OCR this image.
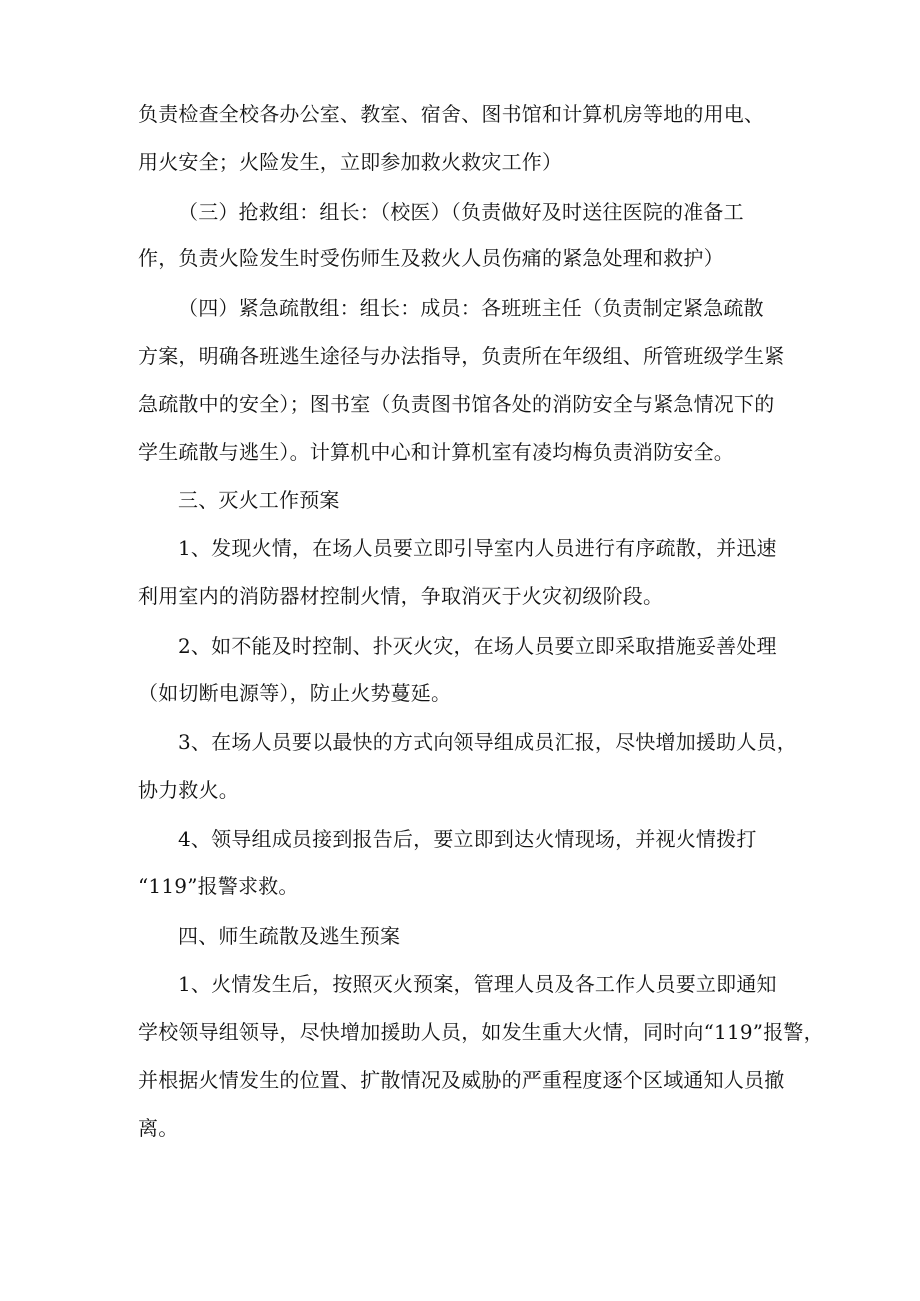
负责检查全校各办公室、教室、宿舍、图书馆和计算机房等地的用电、
用火安全；火险发生，立即参加救火救灾工作）
（三）抢救组：组长：（校医）（负责做好及时送往医院的准备工
作，负责火险发生时受伤师生及救火人员伤痛的紧急处理和救护）
（四）紧急疏散组：组长：成员：各班班主任（负责制定紧急疏散
方案，明确各班逃生途径与办法指导，负责所在年级组、所管班级学生紧
急疏散中的安全）；图书室（负责图书馆各处的消防安全与紧急情况下的
学生疏散与逃生）。计算机中心和计算机室有凌均梅负责消防安全。
三、灭火工作预案
1、发现火情，在场人员要立即引导室内人员进行有序疏散，并迅速
利用室内的消防器材控制火情，争取消灭于火灾初级阶段。
2、如不能及时控制、扑灭火灾，在场人员要立即采取措施妥善处理
（如切断电源等），防止火势蔓延。
3、在场人员要以最快的方式向领导组成员汇报，尽快增加援助人员，
协力救火。
4、领导组成员接到报告后，要立即到达火情现场，并视火情拨打
“119”报警求救。
四、师生疏散及逃生预案
1、火情发生后，按照灭火预案，管理人员及各工作人员要立即通知
学校领导组领导，尽快增加援助人员，如发生重大火情，同时向“119”报警，
并根据火情发生的位置、扩散情况及威胁的严重程度逐个区域通知人员撤
离。
